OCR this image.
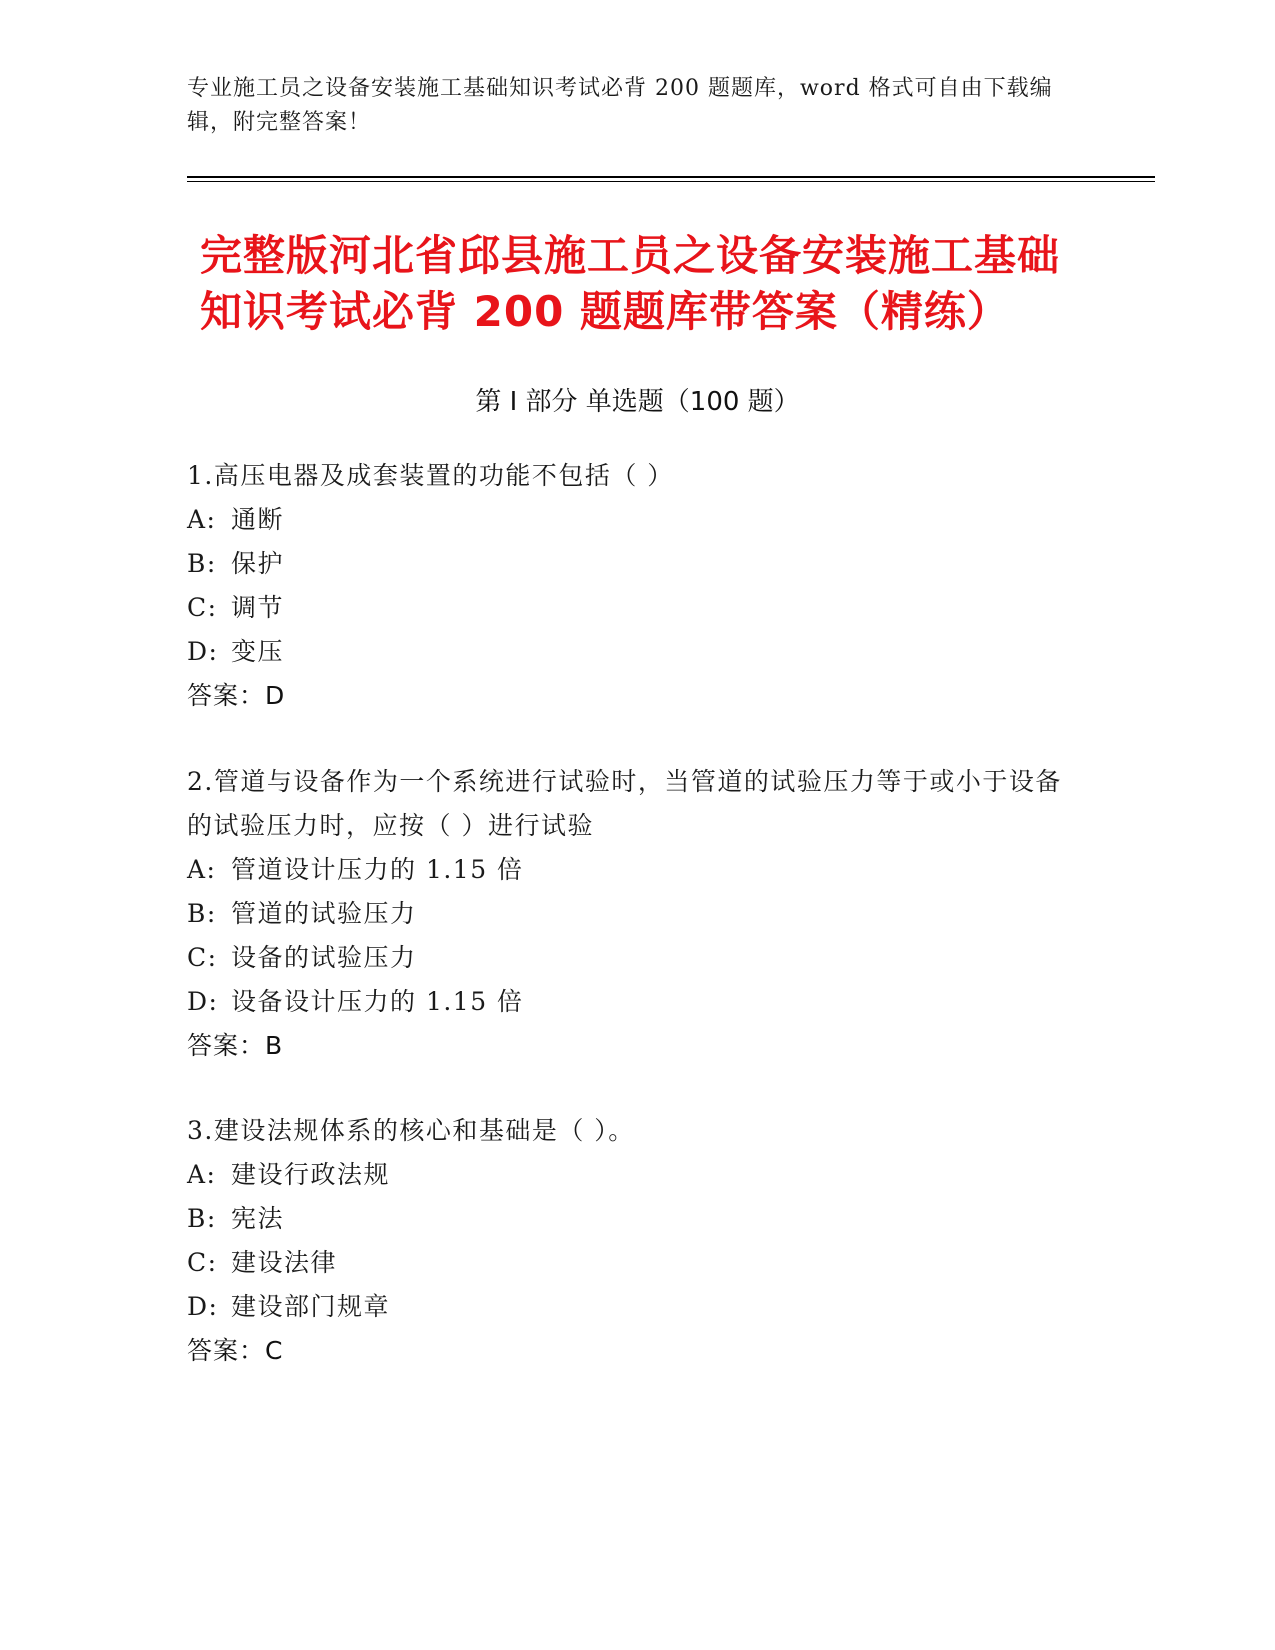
专业施工员之设备安装施工基础知识考试必背 200 题题库，word 格式可自由下载编辑，附完整答案！
完整版河北省邱县施工员之设备安装施工基础知识考试必背 200 题题库带答案（精练）
第 I 部分 单选题（100 题）
1.高压电器及成套装置的功能不包括（ ）
A: 通断
B: 保护
C: 调节
D: 变压
答案：D
2.管道与设备作为一个系统进行试验时，当管道的试验压力等于或小于设备的试验压力时，应按（ ）进行试验
A: 管道设计压力的 1.15 倍
B: 管道的试验压力
C: 设备的试验压力
D: 设备设计压力的 1.15 倍
答案：B
3.建设法规体系的核心和基础是（ ）。
A: 建设行政法规
B: 宪法
C: 建设法律
D: 建设部门规章
答案：C
